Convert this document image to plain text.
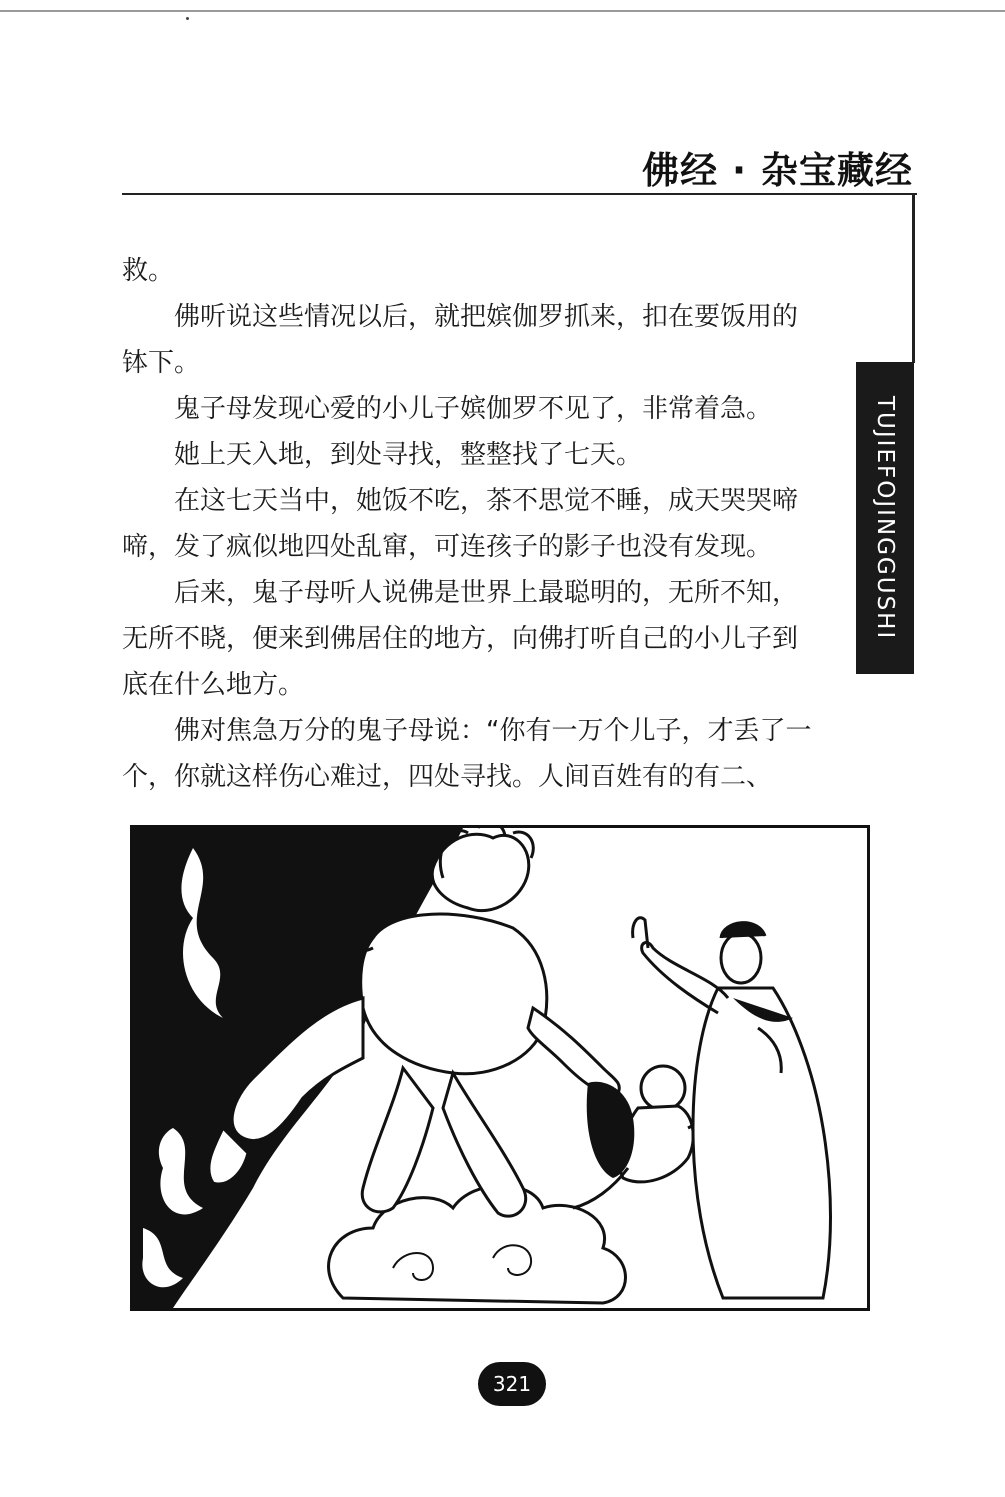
佛经 · 杂宝藏经
TUJIEFOJINGGUSHI

救。

佛听说这些情况以后，就把嫔伽罗抓来，扣在要饭用的钵下。

鬼子母发现心爱的小儿子嫔伽罗不见了，非常着急。

她上天入地，到处寻找，整整找了七天。

在这七天当中，她饭不吃，茶不思觉不睡，成天哭哭啼啼，发了疯似地四处乱窜，可连孩子的影子也没有发现。

后来，鬼子母听人说佛是世界上最聪明的，无所不知，无所不晓，便来到佛居住的地方，向佛打听自己的小儿子到底在什么地方。

佛对焦急万分的鬼子母说：“你有一万个儿子，才丢了一个，你就这样伤心难过，四处寻找。人间百姓有的有二、

321
